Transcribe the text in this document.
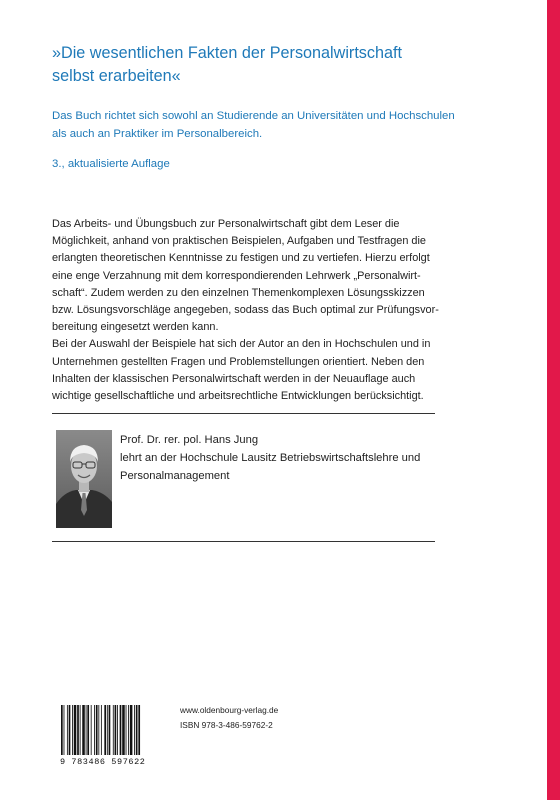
»Die wesentlichen Fakten der Personalwirtschaft
selbst erarbeiten«
Das Buch richtet sich sowohl an Studierende an Universitäten und Hochschulen
als auch an Praktiker im Personalbereich.
3., aktualisierte Auflage
Das Arbeits- und Übungsbuch zur Personalwirtschaft gibt dem Leser die
Möglichkeit, anhand von praktischen Beispielen, Aufgaben und Testfragen die
erlangten theoretischen Kenntnisse zu festigen und zu vertiefen. Hierzu erfolgt
eine enge Verzahnung mit dem korrespondierenden Lehrwerk „Personalwirt-
schaft“. Zudem werden zu den einzelnen Themenkomplexen Lösungsskizzen
bzw. Lösungsvorschläge angegeben, sodass das Buch optimal zur Prüfungsvor-
bereitung eingesetzt werden kann.
Bei der Auswahl der Beispiele hat sich der Autor an den in Hochschulen und in
Unternehmen gestellten Fragen und Problemstellungen orientiert. Neben den
Inhalten der klassischen Personalwirtschaft werden in der Neuauflage auch
wichtige gesellschaftliche und arbeitsrechtliche Entwicklungen berücksichtigt.
Prof. Dr. rer. pol. Hans Jung
lehrt an der Hochschule Lausitz Betriebswirtschaftslehre und
Personalmanagement
9 783486 597622
www.oldenbourg-verlag.de
ISBN 978-3-486-59762-2
